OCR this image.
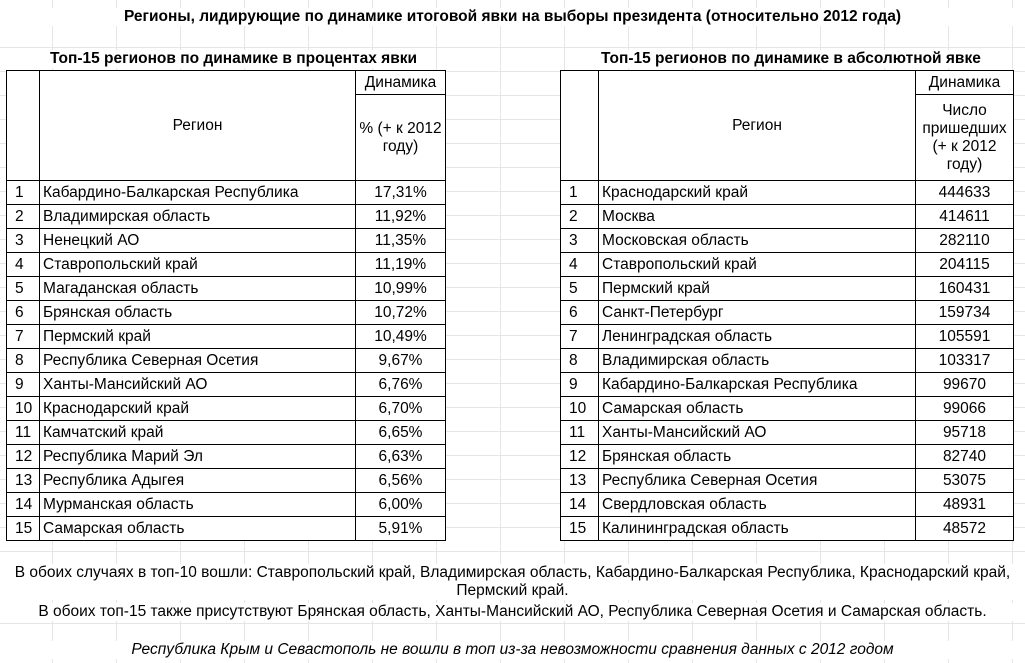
Регионы, лидирующие по динамике итоговой явки на выборы президента (относительно 2012 года)
Топ-15 регионов по динамике в процентах явки	Топ-15 регионов по динамике в абсолютной явке
	Регион	Динамика
		% (+ к 2012 году)
1	Кабардино-Балкарская Республика	17,31%
2	Владимирская область	11,92%
3	Ненецкий АО	11,35%
4	Ставропольский край	11,19%
5	Магаданская область	10,99%
6	Брянская область	10,72%
7	Пермский край	10,49%
8	Республика Северная Осетия	9,67%
9	Ханты-Мансийский АО	6,76%
10	Краснодарский край	6,70%
11	Камчатский край	6,65%
12	Республика Марий Эл	6,63%
13	Республика Адыгея	6,56%
14	Мурманская область	6,00%
15	Самарская область	5,91%
	Регион	Динамика
		Число пришедших (+ к 2012 году)
1	Краснодарский край	444633
2	Москва	414611
3	Московская область	282110
4	Ставропольский край	204115
5	Пермский край	160431
6	Санкт-Петербург	159734
7	Ленинградская область	105591
8	Владимирская область	103317
9	Кабардино-Балкарская Республика	99670
10	Самарская область	99066
11	Ханты-Мансийский АО	95718
12	Брянская область	82740
13	Республика Северная Осетия	53075
14	Свердловская область	48931
15	Калининградская область	48572
В обоих случаях в топ-10 вошли: Ставропольский край, Владимирская область, Кабардино-Балкарская Республика, Краснодарский край, Пермский край.
В обоих топ-15 также присутствуют Брянская область, Ханты-Мансийский АО, Республика Северная Осетия и Самарская область.
Республика Крым и Севастополь не вошли в топ из-за невозможности сравнения данных с 2012 годом
